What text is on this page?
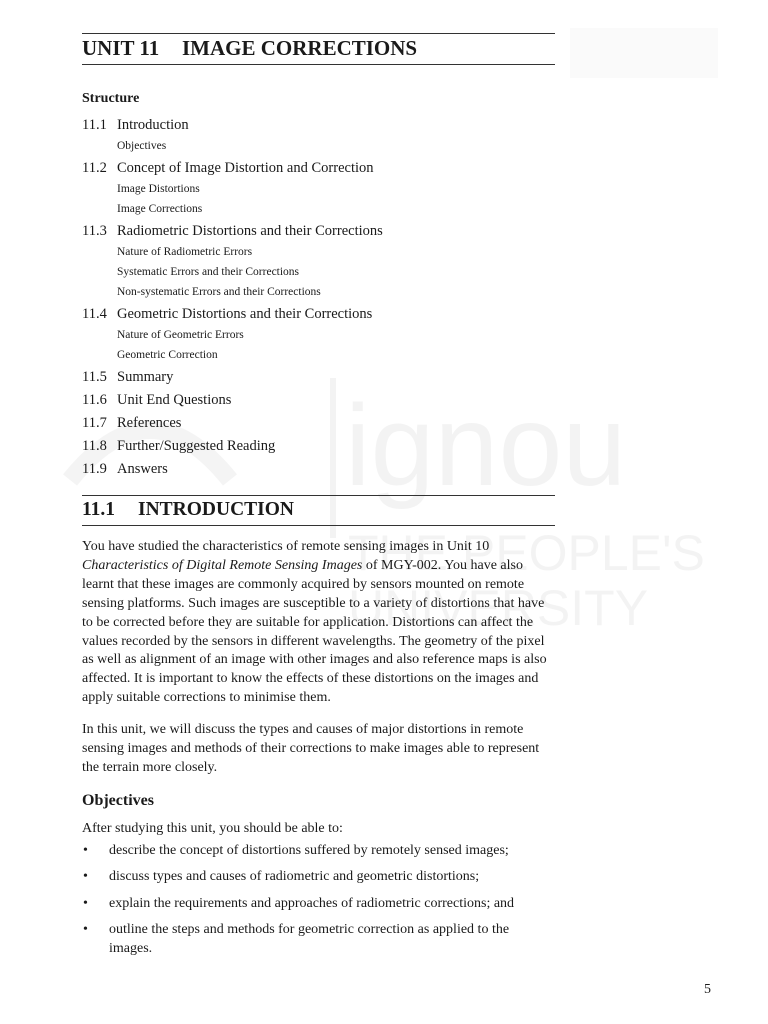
UNIT 11 IMAGE CORRECTIONS
Structure
11.1 Introduction
Objectives
11.2 Concept of Image Distortion and Correction
Image Distortions
Image Corrections
11.3 Radiometric Distortions and their Corrections
Nature of Radiometric Errors
Systematic Errors and their Corrections
Non-systematic Errors and their Corrections
11.4 Geometric Distortions and their Corrections
Nature of Geometric Errors
Geometric Correction
11.5 Summary
11.6 Unit End Questions
11.7 References
11.8 Further/Suggested Reading
11.9 Answers
11.1 INTRODUCTION

You have studied the characteristics of remote sensing images in Unit 10 Characteristics of Digital Remote Sensing Images of MGY-002. You have also learnt that these images are commonly acquired by sensors mounted on remote sensing platforms. Such images are susceptible to a variety of distortions that have to be corrected before they are suitable for application. Distortions can affect the values recorded by the sensors in different wavelengths. The geometry of the pixel as well as alignment of an image with other images and also reference maps is also affected. It is important to know the effects of these distortions on the images and apply suitable corrections to minimise them.

In this unit, we will discuss the types and causes of major distortions in remote sensing images and methods of their corrections to make images able to represent the terrain more closely.

Objectives
After studying this unit, you should be able to:
• describe the concept of distortions suffered by remotely sensed images;
• discuss types and causes of radiometric and geometric distortions;
• explain the requirements and approaches of radiometric corrections; and
• outline the steps and methods for geometric correction as applied to the images.
5
